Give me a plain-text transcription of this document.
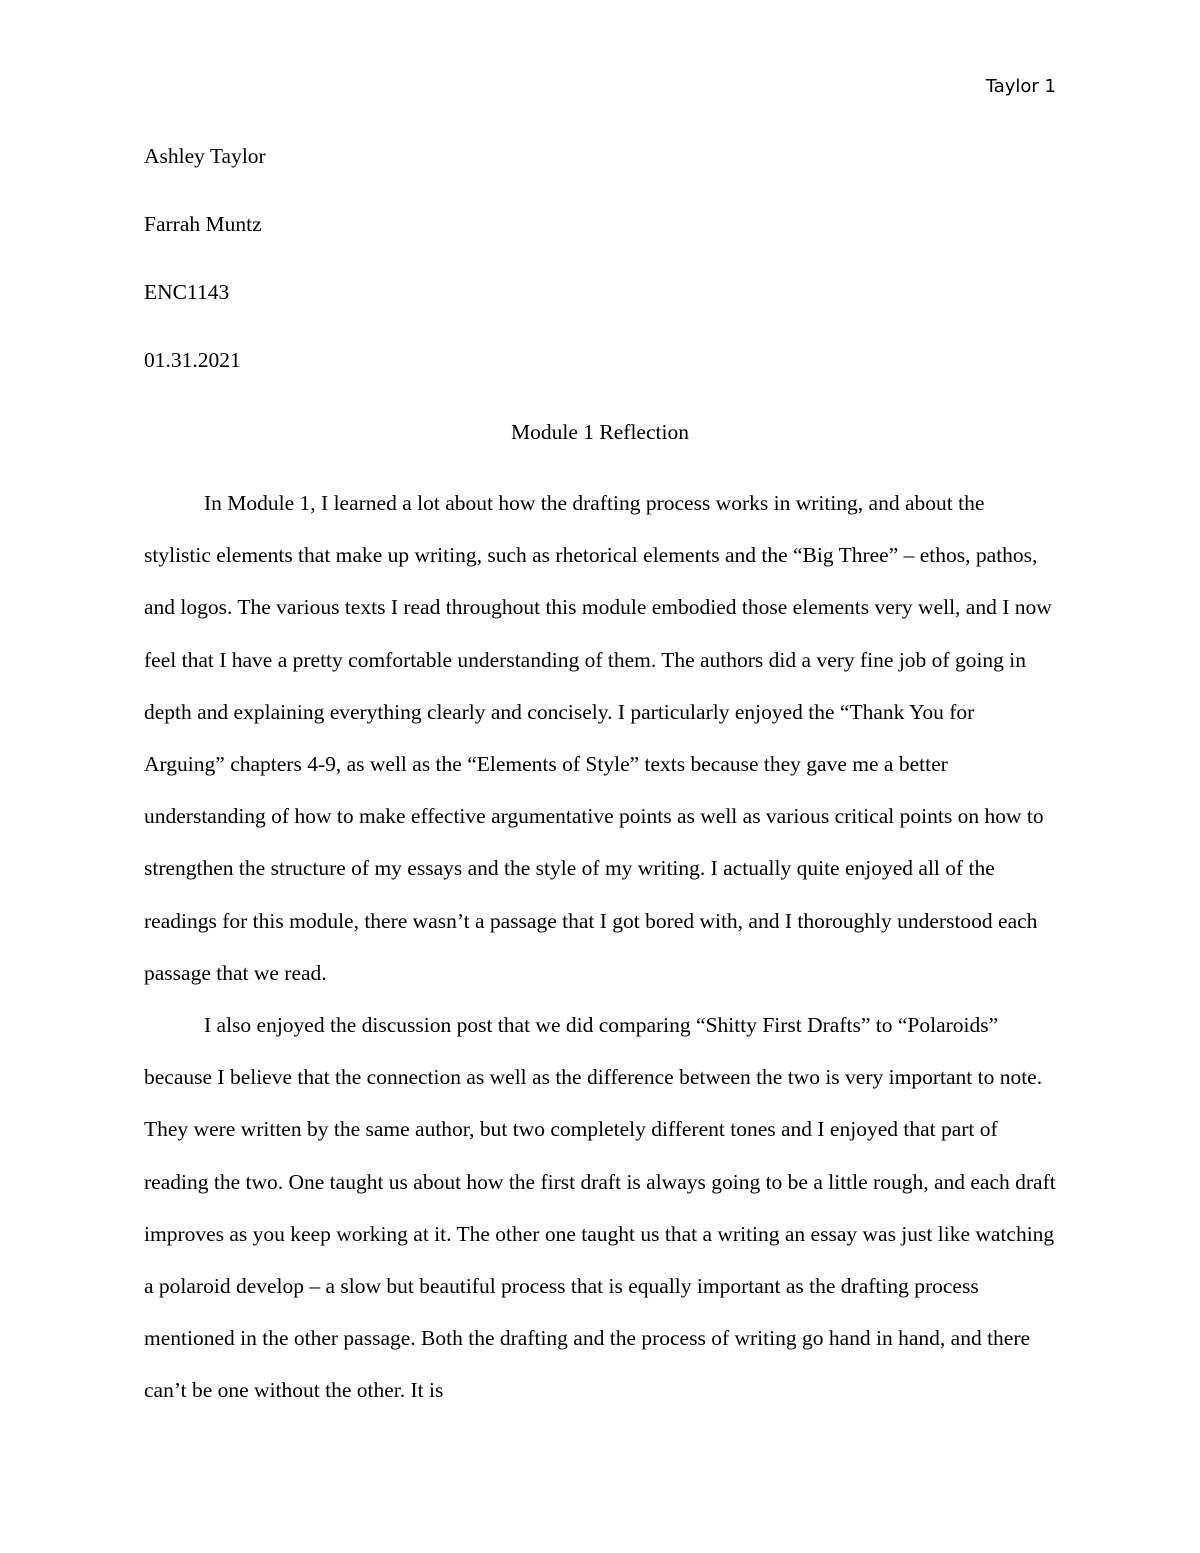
Taylor 1

Ashley Taylor

Farrah Muntz

ENC1143

01.31.2021

Module 1 Reflection

In Module 1, I learned a lot about how the drafting process works in writing, and about the stylistic elements that make up writing, such as rhetorical elements and the “Big Three” – ethos, pathos, and logos. The various texts I read throughout this module embodied those elements very well, and I now feel that I have a pretty comfortable understanding of them. The authors did a very fine job of going in depth and explaining everything clearly and concisely. I particularly enjoyed the “Thank You for Arguing” chapters 4-9, as well as the “Elements of Style” texts because they gave me a better understanding of how to make effective argumentative points as well as various critical points on how to strengthen the structure of my essays and the style of my writing. I actually quite enjoyed all of the readings for this module, there wasn’t a passage that I got bored with, and I thoroughly understood each passage that we read.

I also enjoyed the discussion post that we did comparing “Shitty First Drafts” to “Polaroids” because I believe that the connection as well as the difference between the two is very important to note. They were written by the same author, but two completely different tones and I enjoyed that part of reading the two. One taught us about how the first draft is always going to be a little rough, and each draft improves as you keep working at it. The other one taught us that a writing an essay was just like watching a polaroid develop – a slow but beautiful process that is equally important as the drafting process mentioned in the other passage. Both the drafting and the process of writing go hand in hand, and there can’t be one without the other. It is
